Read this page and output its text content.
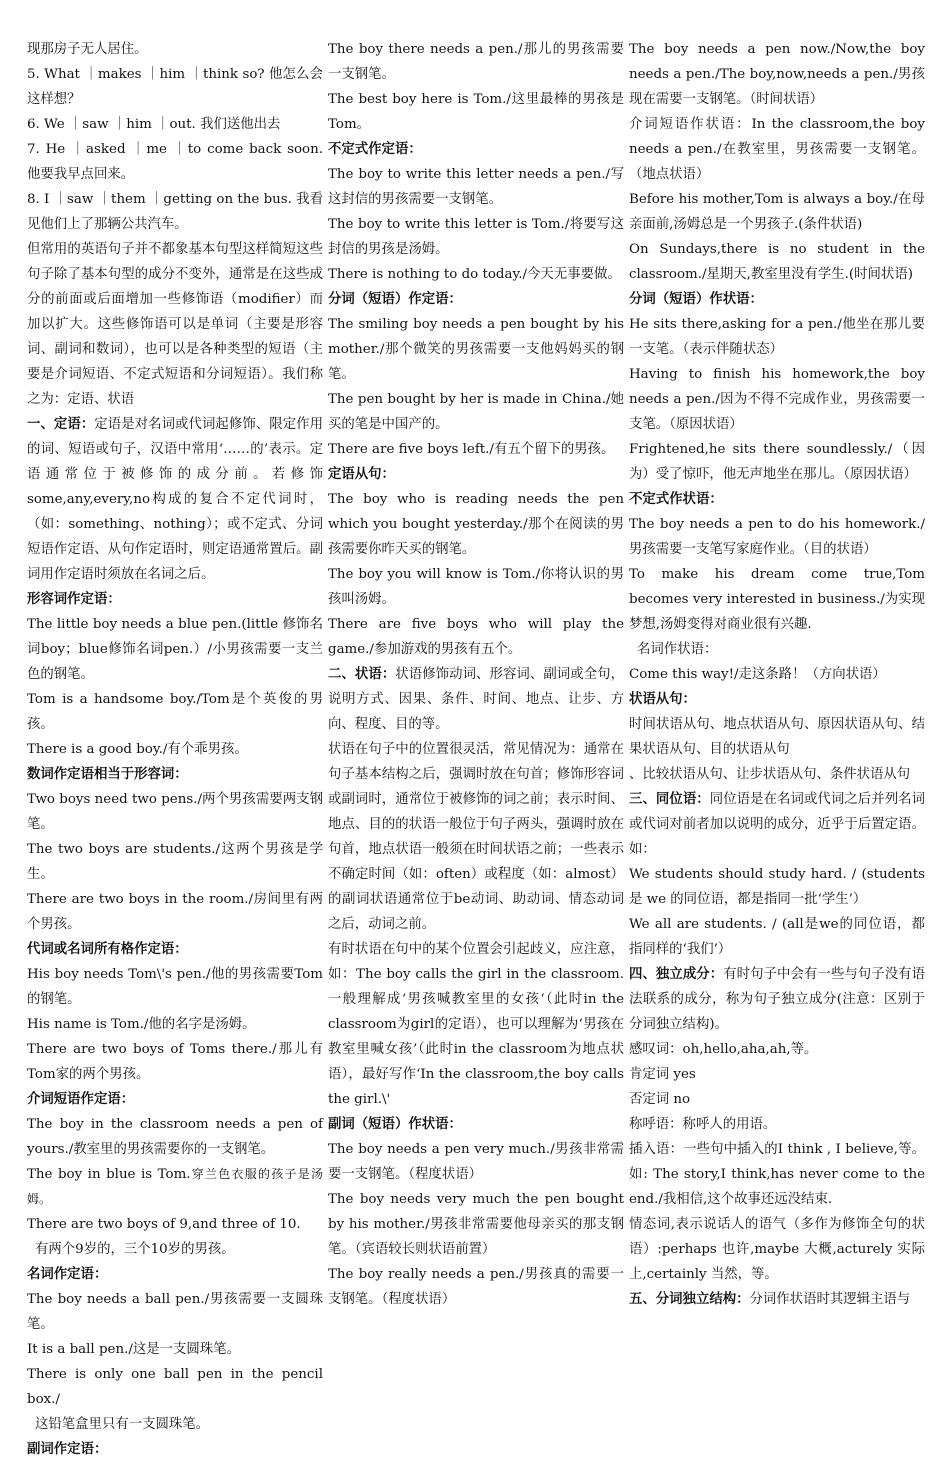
现那房子无人居住。

5. What ｜makes ｜him ｜think so? 他怎么会这样想？

6. We ｜saw ｜him ｜out. 我们送他出去

7. He ｜asked ｜me ｜to come back soon. 他要我早点回来。

8. I ｜saw ｜them ｜getting on the bus. 我看见他们上了那辆公共汽车。

但常用的英语句子并不都象基本句型这样简短这些句子除了基本句型的成分不变外，通常是在这些成分的前面或后面增加一些修饰语（modifier）而加以扩大。这些修饰语可以是单词（主要是形容词、副词和数词），也可以是各种类型的短语（主要是介词短语、不定式短语和分词短语）。我们称之为：定语、状语

一、定语：定语是对名词或代词起修饰、限定作用的词、短语或句子，汉语中常用‘……的’表示。定语通常位于被修饰的成分前。若修饰some,any,every,no构成的复合不定代词时，（如：something、nothing）；或不定式、分词短语作定语、从句作定语时，则定语通常置后。副词用作定语时须放在名词之后。

形容词作定语：

The little boy needs a blue pen.(little 修饰名词boy；blue修饰名词pen.）/小男孩需要一支兰色的钢笔。

Tom is a handsome boy./Tom是个英俊的男孩。

There is a good boy./有个乖男孩。

数词作定语相当于形容词：

Two boys need two pens./两个男孩需要两支钢笔。

The two boys are students./这两个男孩是学生。

There are two boys in the room./房间里有两个男孩。

代词或名词所有格作定语：

His boy needs Tom\'s pen./他的男孩需要Tom的钢笔。

His name is Tom./他的名字是汤姆。

There are two boys of Toms there./那儿有Tom家的两个男孩。

介词短语作定语：

The boy in the classroom needs a pen of yours./教室里的男孩需要你的一支钢笔。

The boy in blue is Tom.穿兰色衣服的孩子是汤姆。

There are two boys of 9,and three of 10.

有两个9岁的，三个10岁的男孩。

名词作定语：

The boy needs a ball pen./男孩需要一支圆珠笔。

It is a ball pen./这是一支圆珠笔。

There is only one ball pen in the pencil box./

这铅笔盒里只有一支圆珠笔。

副词作定语：

The boy there needs a pen./那儿的男孩需要一支钢笔。

The best boy here is Tom./这里最棒的男孩是Tom。

不定式作定语：

The boy to write this letter needs a pen./写这封信的男孩需要一支钢笔。

The boy to write this letter is Tom./将要写这封信的男孩是汤姆。

There is nothing to do today./今天无事要做。

分词（短语）作定语：

The smiling boy needs a pen bought by his mother./那个微笑的男孩需要一支他妈妈买的钢笔。

The pen bought by her is made in China./她买的笔是中国产的。

There are five boys left./有五个留下的男孩。

定语从句：

The boy who is reading needs the pen which you bought yesterday./那个在阅读的男孩需要你昨天买的钢笔。

The boy you will know is Tom./你将认识的男孩叫汤姆。

There are five boys who will play the game./参加游戏的男孩有五个。

二、状语：状语修饰动词、形容词、副词或全句，说明方式、因果、条件、时间、地点、让步、方向、程度、目的等。

状语在句子中的位置很灵活，常见情况为：通常在句子基本结构之后，强调时放在句首；修饰形容词或副词时，通常位于被修饰的词之前；表示时间、地点、目的的状语一般位于句子两头，强调时放在句首，地点状语一般须在时间状语之前；一些表示不确定时间（如：often）或程度（如：almost）的副词状语通常位于be动词、助动词、情态动词之后，动词之前。

有时状语在句中的某个位置会引起歧义，应注意，如：The boy calls the girl in the classroom.一般理解成‘男孩喊教室里的女孩‘（此时in the classroom为girl的定语），也可以理解为‘男孩在教室里喊女孩’（此时in the classroom为地点状语），最好写作‘In the classroom,the boy calls the girl.\'

副词（短语）作状语：

The boy needs a pen very much./男孩非常需要一支钢笔。（程度状语）

The boy needs very much the pen bought by his mother./男孩非常需要他母亲买的那支钢笔。（宾语较长则状语前置）

The boy really needs a pen./男孩真的需要一支钢笔。（程度状语）

The boy needs a pen now./Now,the boy needs a pen./The boy,now,needs a pen./男孩现在需要一支钢笔。（时间状语）

介词短语作状语：In the classroom,the boy needs a pen./在教室里，男孩需要一支钢笔。（地点状语）

Before his mother,Tom is always a boy./在母亲面前,汤姆总是一个男孩子.(条件状语)

On Sundays,there is no student in the classroom./星期天,教室里没有学生.(时间状语)

分词（短语）作状语：

He sits there,asking for a pen./他坐在那儿要一支笔。（表示伴随状态）

Having to finish his homework,the boy needs a pen./因为不得不完成作业，男孩需要一支笔。（原因状语）

Frightened,he sits there soundlessly./（因为）受了惊吓，他无声地坐在那儿。（原因状语）

不定式作状语：

The boy needs a pen to do his homework./男孩需要一支笔写家庭作业。（目的状语）

To make his dream come true,Tom becomes very interested in business./为实现梦想,汤姆变得对商业很有兴趣.

名词作状语：

Come this way!/走这条路！（方向状语）

状语从句：

时间状语从句、地点状语从句、原因状语从句、结果状语从句、目的状语从句

、比较状语从句、让步状语从句、条件状语从句

三、同位语：同位语是在名词或代词之后并列名词或代词对前者加以说明的成分，近乎于后置定语。如：

We students should study hard. / (students 是 we 的同位语，都是指同一批‘学生’）

We all are students. / (all是we的同位语，都指同样的‘我们’）

四、独立成分：有时句子中会有一些与句子没有语法联系的成分，称为句子独立成分(注意：区别于分词独立结构)。

感叹词：oh,hello,aha,ah,等。

肯定词 yes

否定词 no

称呼语：称呼人的用语。

插入语：一些句中插入的I think , I believe,等。如: The story,I think,has never come to the end./我相信,这个故事还远没结束.

情态词,表示说话人的语气（多作为修饰全句的状语）:perhaps 也许,maybe 大概,acturely 实际上,certainly 当然，等。

五、分词独立结构：分词作状语时其逻辑主语与
